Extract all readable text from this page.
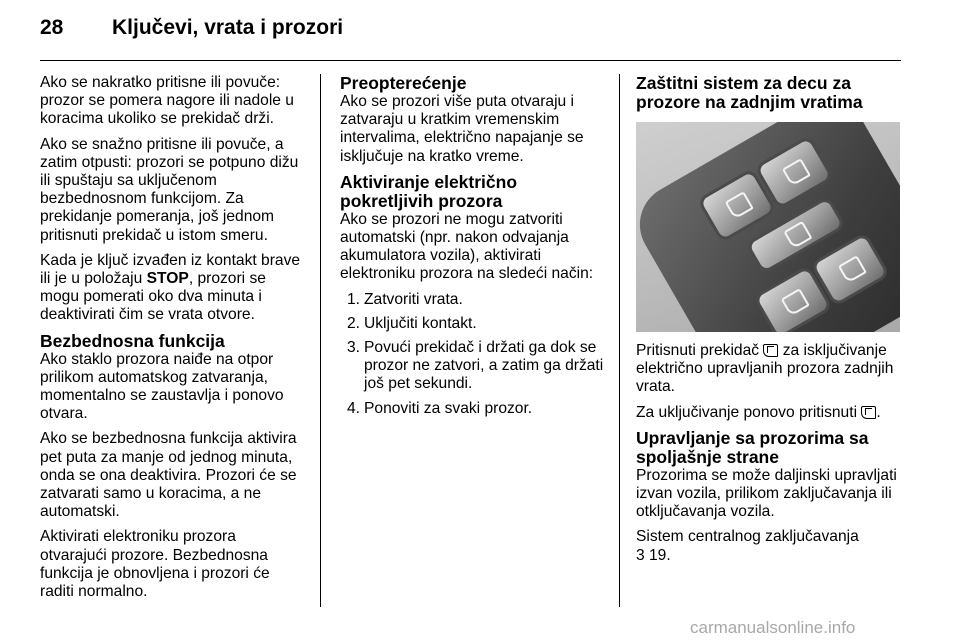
28 Ključevi, vrata i prozori

Ako se nakratko pritisne ili povuče: prozor se pomera nagore ili nadole u koracima ukoliko se prekidač drži.

Ako se snažno pritisne ili povuče, a zatim otpusti: prozori se potpuno dižu ili spuštaju sa uključenom bezbednosnom funkcijom. Za prekidanje pomeranja, još jednom pritisnuti prekidač u istom smeru.

Kada je ključ izvađen iz kontakt brave ili je u položaju STOP, prozori se mogu pomerati oko dva minuta i deaktivirati čim se vrata otvore.

Bezbednosna funkcija

Ako staklo prozora naiđe na otpor prilikom automatskog zatvaranja, momentalno se zaustavlja i ponovo otvara.

Ako se bezbednosna funkcija aktivira pet puta za manje od jednog minuta, onda se ona deaktivira. Prozori će se zatvarati samo u koracima, a ne automatski.

Aktivirati elektroniku prozora otvarajući prozore. Bezbednosna funkcija je obnovljena i prozori će raditi normalno.

Preopterećenje

Ako se prozori više puta otvaraju i zatvaraju u kratkim vremenskim intervalima, električno napajanje se isključuje na kratko vreme.

Aktiviranje električno pokretljivih prozora

Ako se prozori ne mogu zatvoriti automatski (npr. nakon odvajanja akumulatora vozila), aktivirati elektroniku prozora na sledeći način:

1. Zatvoriti vrata.
2. Uključiti kontakt.
3. Povući prekidač i držati ga dok se prozor ne zatvori, a zatim ga držati još pet sekundi.
4. Ponoviti za svaki prozor.
Zaštitni sistem za decu za prozore na zadnjim vratima

Pritisnuti prekidač  za isključivanje električno upravljanih prozora zadnjih vrata.

Za uključivanje ponovo pritisnuti .

Upravljanje sa prozorima sa spoljašnje strane

Prozorima se može daljinski upravljati izvan vozila, prilikom zaključavanja ili otključavanja vozila.

Sistem centralnog zaključavanja
3 19.

carmanualsonline.info
